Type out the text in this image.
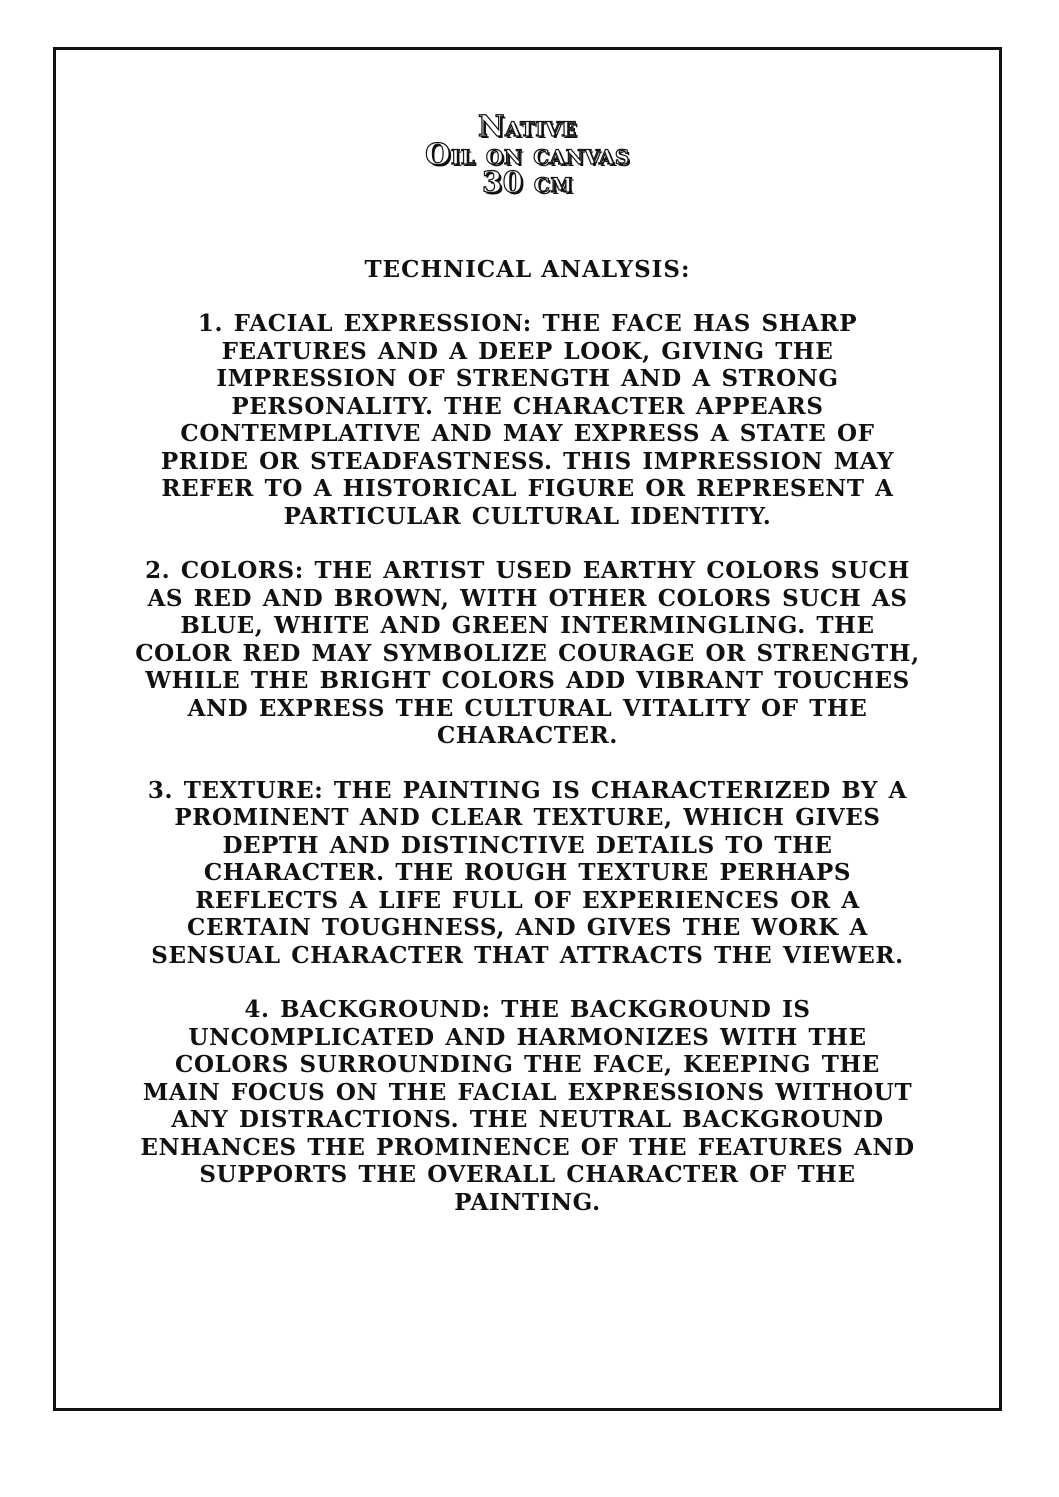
Native
Oil on canvas
30 cm
TECHNICAL ANALYSIS:

1. FACIAL EXPRESSION: THE FACE HAS SHARP FEATURES AND A DEEP LOOK, GIVING THE IMPRESSION OF STRENGTH AND A STRONG PERSONALITY. THE CHARACTER APPEARS CONTEMPLATIVE AND MAY EXPRESS A STATE OF PRIDE OR STEADFASTNESS. THIS IMPRESSION MAY REFER TO A HISTORICAL FIGURE OR REPRESENT A PARTICULAR CULTURAL IDENTITY.

2. COLORS: THE ARTIST USED EARTHY COLORS SUCH AS RED AND BROWN, WITH OTHER COLORS SUCH AS BLUE, WHITE AND GREEN INTERMINGLING. THE COLOR RED MAY SYMBOLIZE COURAGE OR STRENGTH, WHILE THE BRIGHT COLORS ADD VIBRANT TOUCHES AND EXPRESS THE CULTURAL VITALITY OF THE CHARACTER.

3. TEXTURE: THE PAINTING IS CHARACTERIZED BY A PROMINENT AND CLEAR TEXTURE, WHICH GIVES DEPTH AND DISTINCTIVE DETAILS TO THE CHARACTER. THE ROUGH TEXTURE PERHAPS REFLECTS A LIFE FULL OF EXPERIENCES OR A CERTAIN TOUGHNESS, AND GIVES THE WORK A SENSUAL CHARACTER THAT ATTRACTS THE VIEWER.

4. BACKGROUND: THE BACKGROUND IS UNCOMPLICATED AND HARMONIZES WITH THE COLORS SURROUNDING THE FACE, KEEPING THE MAIN FOCUS ON THE FACIAL EXPRESSIONS WITHOUT ANY DISTRACTIONS. THE NEUTRAL BACKGROUND ENHANCES THE PROMINENCE OF THE FEATURES AND SUPPORTS THE OVERALL CHARACTER OF THE PAINTING.
